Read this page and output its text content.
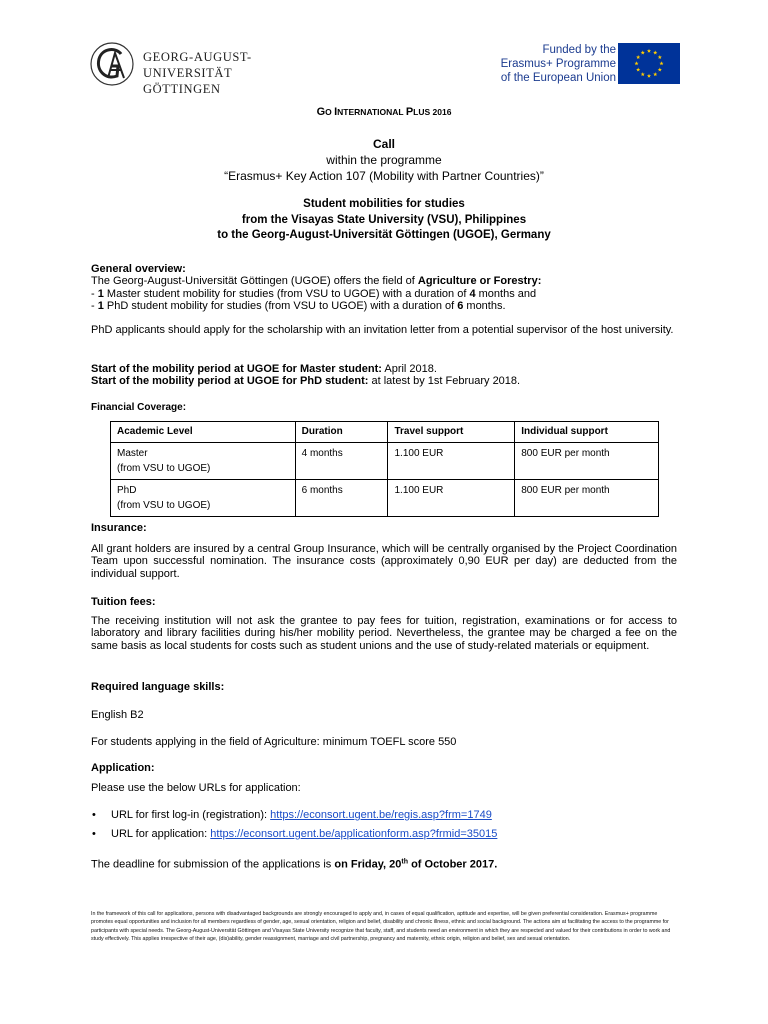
GEORG-AUGUST-UNIVERSITÄT
GÖTTINGEN
Funded by the
Erasmus+ Programme
of the European Union
GO INTERNATIONAL PLUS 2016
Call
within the programme
“Erasmus+ Key Action 107 (Mobility with Partner Countries)”
Student mobilities for studies
from the Visayas State University (VSU), Philippines
to the Georg-August-Universität Göttingen (UGOE), Germany
General overview:
The Georg-August-Universität Göttingen (UGOE) offers the field of Agriculture or Forestry:
- 1 Master student mobility for studies (from VSU to UGOE) with a duration of 4 months and
- 1 PhD student mobility for studies (from VSU to UGOE) with a duration of 6 months.
PhD applicants should apply for the scholarship with an invitation letter from a potential supervisor of the host university.
Start of the mobility period at UGOE for Master student: April 2018.
Start of the mobility period at UGOE for PhD student: at latest by 1st February 2018.
Financial Coverage:
Academic Level	Duration	Travel support	Individual support

Master
(from VSU to UGOE)	4 months	1.100 EUR	800 EUR per month

PhD
(from VSU to UGOE)	6 months	1.100 EUR	800 EUR per month
Insurance:
All grant holders are insured by a central Group Insurance, which will be centrally organised by the Project Coordination Team upon successful nomination. The insurance costs (approximately 0,90 EUR per day) are deducted from the individual support.
Tuition fees:
The receiving institution will not ask the grantee to pay fees for tuition, registration, examinations or for access to laboratory and library facilities during his/her mobility period. Nevertheless, the grantee may be charged a fee on the same basis as local students for costs such as student unions and the use of study-related materials or equipment.
Required language skills:
English B2
For students applying in the field of Agriculture: minimum TOEFL score 550
Application:
Please use the below URLs for application:
• URL for first log-in (registration): https://econsort.ugent.be/regis.asp?frm=1749
• URL for application: https://econsort.ugent.be/applicationform.asp?frmid=35015
The deadline for submission of the applications is on Friday, 20th of October 2017.
In the framework of this call for applications, persons with disadvantaged backgrounds are strongly encouraged to apply and, in cases of equal qualification, aptitude and expertise, will be given preferential consideration. Erasmus+ programme promotes equal opportunities and inclusion for all members regardless of gender, age, sexual orientation, religion and belief, disability and chronic illness, ethnic and social background. The actions aim at facilitating the access to the programme for participants with special needs. The Georg-August-Universität Göttingen and Visayas State University recognize that faculty, staff, and students need an environment in which they are respected and valued for their contributions in order to work and study effectively. This applies irrespective of their age, (dis)ability, gender reassignment, marriage and civil partnership, pregnancy and maternity, ethnic origin, religion and belief, sex and sexual orientation.
